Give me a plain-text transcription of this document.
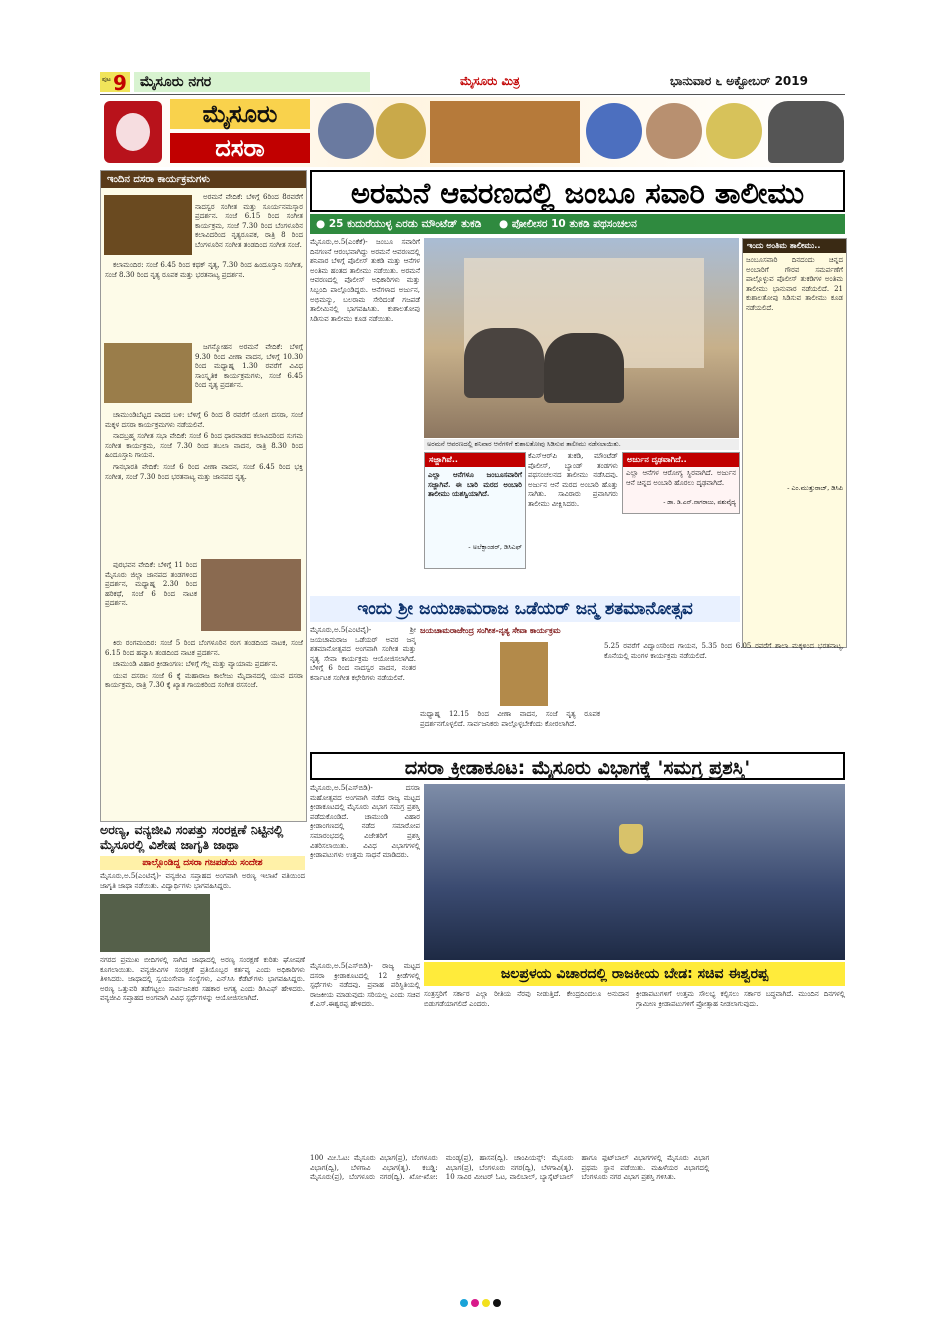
ಪುಟ 9 ಮೈಸೂರು ನಗರ	ಮೈಸೂರು ಮಿತ್ರ	ಭಾನುವಾರ ೬ ಅಕ್ಟೋಬರ್ 2019
ಮೈಸೂರು
ದಸರಾ
ಇಂದಿನ ದಸರಾ ಕಾರ್ಯಕ್ರಮಗಳು

ಅರಮನೆ ವೇದಿಕೆ: ಬೆಳಿಗ್ಗೆ 6ರಿಂದ 8ರವರೆಗೆ ನಾದಸ್ವರ ಸಂಗೀತ ಮತ್ತು ಸೂರ್ಯನಮಸ್ಕಾರ ಪ್ರದರ್ಶನ. ಸಂಜೆ 6.15 ರಿಂದ ಸಂಗೀತ ಕಾರ್ಯಕ್ರಮ, ಸಂಜೆ 7.30 ರಿಂದ ಬೆಂಗಳೂರಿನ ಕಲಾವಿದರಿಂದ ನೃತ್ಯರೂಪಕ, ರಾತ್ರಿ 8 ರಿಂದ ಬೆಂಗಳೂರಿನ ಸಂಗೀತ ತಂಡದಿಂದ ಸಂಗೀತ ಸಂಜೆ.

ಕಲಾಮಂದಿರ: ಸಂಜೆ 6.45 ರಿಂದ ಕಥಕ್ ನೃತ್ಯ, 7.30 ರಿಂದ ಹಿಂದೂಸ್ತಾನಿ ಸಂಗೀತ, ಸಂಜೆ 8.30 ರಿಂದ ನೃತ್ಯ ರೂಪಕ ಮತ್ತು ಭರತನಾಟ್ಯ ಪ್ರದರ್ಶನ.

ಜಗನ್ಮೋಹನ ಅರಮನೆ ವೇದಿಕೆ: ಬೆಳಿಗ್ಗೆ 9.30 ರಿಂದ ವೀಣಾ ವಾದನ, ಬೆಳಿಗ್ಗೆ 10.30 ರಿಂದ ಮಧ್ಯಾಹ್ನ 1.30 ರವರೆಗೆ ವಿವಿಧ ಸಾಂಸ್ಕೃತಿಕ ಕಾರ್ಯಕ್ರಮಗಳು, ಸಂಜೆ 6.45 ರಿಂದ ನೃತ್ಯ ಪ್ರದರ್ಶನ.

ಚಾಮುಂಡಿಬೆಟ್ಟದ ಪಾದದ ಬಳಿ: ಬೆಳಿಗ್ಗೆ 6 ರಿಂದ 8 ರವರೆಗೆ ಯೋಗ ದಸರಾ, ಸಂಜೆ ಮಕ್ಕಳ ದಸರಾ ಕಾರ್ಯಕ್ರಮಗಳು ನಡೆಯಲಿವೆ.

ನಾದಬ್ರಹ್ಮ ಸಂಗೀತ ಸಭಾ ವೇದಿಕೆ: ಸಂಜೆ 6 ರಿಂದ ಧಾರವಾಡದ ಕಲಾವಿದರಿಂದ ಸುಗಮ ಸಂಗೀತ ಕಾರ್ಯಕ್ರಮ, ಸಂಜೆ 7.30 ರಿಂದ ತಬಲಾ ವಾದನ, ರಾತ್ರಿ 8.30 ರಿಂದ ಹಿಂದೂಸ್ತಾನಿ ಗಾಯನ.

ಗಾನಭಾರತಿ ವೇದಿಕೆ: ಸಂಜೆ 6 ರಿಂದ ವೀಣಾ ವಾದನ, ಸಂಜೆ 6.45 ರಿಂದ ಭಕ್ತಿ ಸಂಗೀತ, ಸಂಜೆ 7.30 ರಿಂದ ಭರತನಾಟ್ಯ ಮತ್ತು ಜಾನಪದ ನೃತ್ಯ.

ಪುರಭವನ ವೇದಿಕೆ: ಬೆಳಿಗ್ಗೆ 11 ರಿಂದ ಮೈಸೂರು ಜಿಲ್ಲಾ ಜಾನಪದ ತಂಡಗಳಿಂದ ಪ್ರದರ್ಶನ, ಮಧ್ಯಾಹ್ನ 2.30 ರಿಂದ ಹರಿಕಥೆ, ಸಂಜೆ 6 ರಿಂದ ನಾಟಕ ಪ್ರದರ್ಶನ.

ಕಿರು ರಂಗಮಂದಿರ: ಸಂಜೆ 5 ರಿಂದ ಬೆಂಗಳೂರಿನ ರಂಗ ತಂಡದಿಂದ ನಾಟಕ, ಸಂಜೆ 6.15 ರಿಂದ ಹವ್ಯಾಸಿ ತಂಡದಿಂದ ನಾಟಕ ಪ್ರದರ್ಶನ.

ಚಾಮುಂಡಿ ವಿಹಾರ ಕ್ರೀಡಾಂಗಣ: ಬೆಳಿಗ್ಗೆ ಗೆಲ್ಲ ಮತ್ತು ವ್ಯಾಯಾಮ ಪ್ರದರ್ಶನ.

ಯುವ ದಸರಾ: ಸಂಜೆ 6 ಕ್ಕೆ ಮಹಾರಾಜ ಕಾಲೇಜು ಮೈದಾನದಲ್ಲಿ ಯುವ ದಸರಾ ಕಾರ್ಯಕ್ರಮ, ರಾತ್ರಿ 7.30 ಕ್ಕೆ ಖ್ಯಾತ ಗಾಯಕರಿಂದ ಸಂಗೀತ ರಸಸಂಜೆ.

ಅರಮನೆ ಆವರಣದಲ್ಲಿ ಜಂಬೂ ಸವಾರಿ ತಾಲೀಮು
● 25 ಕುದುರೆಯುಳ್ಳ ಎರಡು ಮೌಂಟೆಡ್ ತುಕಡಿ ● ಪೋಲೀಸರ 10 ತುಕಡಿ ಪಥಸಂಚಲನ
ಮೈಸೂರು,ಅ.5(ಎಂಕೆಕೆ)- ಜಂಬೂ ಸವಾರಿಗೆ ದಿನಗಣನೆ ಆರಂಭವಾಗಿದ್ದು ಅರಮನೆ ಆವರಣದಲ್ಲಿ ಶನಿವಾರ ಬೆಳಿಗ್ಗೆ ಪೊಲೀಸ್ ತುಕಡಿ ಮತ್ತು ಆನೆಗಳ ಅಂತಿಮ ಹಂತದ ತಾಲೀಮು ನಡೆಯಿತು. ಅರಮನೆ ಆವರಣದಲ್ಲಿ ಪೊಲೀಸ್ ಅಧಿಕಾರಿಗಳು ಮತ್ತು ಸಿಬ್ಬಂದಿ ಪಾಲ್ಗೊಂಡಿದ್ದರು. ಆನೆಗಳಾದ ಅರ್ಜುನ, ಅಭಿಮನ್ಯು, ಬಲರಾಮ ಸೇರಿದಂತೆ ಗಜಪಡೆ ತಾಲೀಮಿನಲ್ಲಿ ಭಾಗವಹಿಸಿತು. ಕುಶಾಲತೋಪು ಸಿಡಿಸುವ ತಾಲೀಮು ಕೂಡ ನಡೆಯಿತು.
ಅರಮನೆ ಆವರಣದಲ್ಲಿ ಶನಿವಾರ ಆನೆಗಳಿಗೆ ಕುಶಾಲತೋಪು ಸಿಡಿಸುವ ತಾಲೀಮು ನಡೆಸಲಾಯಿತು.
ಇಂದು ಅಂತಿಮ ತಾಲೀಮು..
ಜಂಬೂಸವಾರಿ ದಿನದಂದು ಚಿನ್ನದ ಅಂಬಾರಿಗೆ ಗೌರವ ಸಮರ್ಪಣೆಗೆ ಪಾಲ್ಗೊಳ್ಳುವ ಪೊಲೀಸ್ ತುಕಡಿಗಳ ಅಂತಿಮ ತಾಲೀಮು ಭಾನುವಾರ ನಡೆಯಲಿದೆ. 21 ಕುಶಾಲತೋಪು ಸಿಡಿಸುವ ತಾಲೀಮು ಕೂಡ ನಡೆಯಲಿದೆ.
- ಎಂ.ಮುತ್ತುರಾಜ್, ಡಿಸಿಪಿ
ಸಜ್ಜಾಗಿವೆ..
ಎಲ್ಲಾ ಆನೆಗಳೂ ಜಂಬೂಸವಾರಿಗೆ ಸಜ್ಜಾಗಿವೆ. ಈ ಬಾರಿ ಮರದ ಅಂಬಾರಿ ತಾಲೀಮು ಯಶಸ್ವಿಯಾಗಿದೆ.
- ಅಲೆಕ್ಸಾಂಡರ್, ಡಿಸಿಎಫ್
ಕೆಎಸ್‌ಆರ್‌ಪಿ ತುಕಡಿ, ಮೌಂಟೆಡ್ ಪೊಲೀಸ್, ಬ್ಯಾಂಡ್ ತಂಡಗಳು ಪಥಸಂಚಲನದ ತಾಲೀಮು ನಡೆಸಿದವು. ಅರ್ಜುನ ಆನೆ ಮರದ ಅಂಬಾರಿ ಹೊತ್ತು ಸಾಗಿತು. ಸಾವಿರಾರು ಪ್ರವಾಸಿಗರು ತಾಲೀಮು ವೀಕ್ಷಿಸಿದರು.
ಅರ್ಜುನ ದೃಢವಾಗಿದೆ..
ಎಲ್ಲಾ ಆನೆಗಳ ಆರೋಗ್ಯ ಸ್ಥಿರವಾಗಿದೆ. ಅರ್ಜುನ ಆನೆ ಚಿನ್ನದ ಅಂಬಾರಿ ಹೊರಲು ದೃಢವಾಗಿದೆ.
- ಡಾ. ಡಿ.ಎನ್.ನಾಗರಾಜು, ಪಶುವೈದ್ಯ
ಇಂದು ಶ್ರೀ ಜಯಚಾಮರಾಜ ಒಡೆಯರ್ ಜನ್ಮ ಶತಮಾನೋತ್ಸವ
ಜಯಚಾಮರಾಜೇಂದ್ರ ಸಂಗೀತ-ನೃತ್ಯ ಸೇವಾ ಕಾರ್ಯಕ್ರಮ
ಮೈಸೂರು,ಅ.5(ಎಂಟಿವೈ)- ಶ್ರೀ ಜಯಚಾಮರಾಜ ಒಡೆಯರ್ ಅವರ ಜನ್ಮ ಶತಮಾನೋತ್ಸವದ ಅಂಗವಾಗಿ ಸಂಗೀತ ಮತ್ತು ನೃತ್ಯ ಸೇವಾ ಕಾರ್ಯಕ್ರಮ ಆಯೋಜಿಸಲಾಗಿದೆ. ಬೆಳಿಗ್ಗೆ 6 ರಿಂದ ನಾದಸ್ವರ ವಾದನ, ನಂತರ ಕರ್ನಾಟಕ ಸಂಗೀತ ಕಛೇರಿಗಳು ನಡೆಯಲಿವೆ.
ಮಧ್ಯಾಹ್ನ 12.15 ರಿಂದ ವೀಣಾ ವಾದನ, ಸಂಜೆ ನೃತ್ಯ ರೂಪಕ ಪ್ರದರ್ಶನಗೊಳ್ಳಲಿದೆ. ಸಾರ್ವಜನಿಕರು ಪಾಲ್ಗೊಳ್ಳಬೇಕೆಂದು ಕೋರಲಾಗಿದೆ.
5.25 ರವರೆಗೆ ವಿದ್ವಾಂಸರಿಂದ ಗಾಯನ, 5.35 ರಿಂದ 6.05 ರವರೆಗೆ ಶಾಲಾ ಮಕ್ಕಳಿಂದ ಭರತನಾಟ್ಯ, ಕೊನೆಯಲ್ಲಿ ಮಂಗಳ ಕಾರ್ಯಕ್ರಮ ನಡೆಯಲಿದೆ.
ದಸರಾ ಕ್ರೀಡಾಕೂಟ: ಮೈಸೂರು ವಿಭಾಗಕ್ಕೆ 'ಸಮಗ್ರ ಪ್ರಶಸ್ತಿ'
ಮೈಸೂರು,ಅ.5(ಎಸ್‌ಬಿಡಿ)- ದಸರಾ ಮಹೋತ್ಸವದ ಅಂಗವಾಗಿ ನಡೆದ ರಾಜ್ಯ ಮಟ್ಟದ ಕ್ರೀಡಾಕೂಟದಲ್ಲಿ ಮೈಸೂರು ವಿಭಾಗ ಸಮಗ್ರ ಪ್ರಶಸ್ತಿ ಪಡೆದುಕೊಂಡಿದೆ. ಚಾಮುಂಡಿ ವಿಹಾರ ಕ್ರೀಡಾಂಗಣದಲ್ಲಿ ನಡೆದ ಸಮಾರೋಪ ಸಮಾರಂಭದಲ್ಲಿ ವಿಜೇತರಿಗೆ ಪ್ರಶಸ್ತಿ ವಿತರಿಸಲಾಯಿತು. ವಿವಿಧ ವಿಭಾಗಗಳಲ್ಲಿ ಕ್ರೀಡಾಪಟುಗಳು ಉತ್ತಮ ಸಾಧನೆ ಮಾಡಿದರು.
ಜಲಪ್ರಳಯ ವಿಚಾರದಲ್ಲಿ ರಾಜಕೀಯ ಬೇಡ: ಸಚಿವ ಈಶ್ವರಪ್ಪ
ಮೈಸೂರು,ಅ.5(ಎಸ್‌ಬಿಡಿ)- ರಾಜ್ಯ ಮಟ್ಟದ ದಸರಾ ಕ್ರೀಡಾಕೂಟದಲ್ಲಿ 12 ಕ್ರೀಡೆಗಳಲ್ಲಿ ಸ್ಪರ್ಧೆಗಳು ನಡೆದವು. ಪ್ರವಾಹ ಪರಿಸ್ಥಿತಿಯಲ್ಲಿ ರಾಜಕೀಯ ಮಾಡುವುದು ಸರಿಯಲ್ಲ ಎಂದು ಸಚಿವ ಕೆ.ಎಸ್.ಈಶ್ವರಪ್ಪ ಹೇಳಿದರು.
ಸಂತ್ರಸ್ತರಿಗೆ ಸರ್ಕಾರ ಎಲ್ಲಾ ರೀತಿಯ ನೆರವು ನೀಡುತ್ತಿದೆ. ಕೇಂದ್ರದಿಂದಲೂ ಅನುದಾನ ಬಿಡುಗಡೆಯಾಗಲಿದೆ ಎಂದರು.
ಕ್ರೀಡಾಪಟುಗಳಿಗೆ ಉತ್ತಮ ಸೌಲಭ್ಯ ಕಲ್ಪಿಸಲು ಸರ್ಕಾರ ಬದ್ಧವಾಗಿದೆ. ಮುಂದಿನ ದಿನಗಳಲ್ಲಿ ಗ್ರಾಮೀಣ ಕ್ರೀಡಾಪಟುಗಳಿಗೆ ಪ್ರೋತ್ಸಾಹ ನೀಡಲಾಗುವುದು.
ಅರಣ್ಯ, ವನ್ಯಜೀವಿ ಸಂಪತ್ತು ಸಂರಕ್ಷಣೆ ನಿಟ್ಟಿನಲ್ಲಿ ಮೈಸೂರಲ್ಲಿ ವಿಶೇಷ ಜಾಗೃತಿ ಜಾಥಾ
ಪಾಲ್ಗೊಂಡಿದ್ದ ದಸರಾ ಗಜಪಡೆಯ ಸಂದೇಶ
ಮೈಸೂರು,ಅ.5(ಎಂಟಿವೈ)- ವನ್ಯಜೀವಿ ಸಪ್ತಾಹದ ಅಂಗವಾಗಿ ಅರಣ್ಯ ಇಲಾಖೆ ವತಿಯಿಂದ ಜಾಗೃತಿ ಜಾಥಾ ನಡೆಯಿತು. ವಿದ್ಯಾರ್ಥಿಗಳು ಭಾಗವಹಿಸಿದ್ದರು.
ನಗರದ ಪ್ರಮುಖ ಬೀದಿಗಳಲ್ಲಿ ಸಾಗಿದ ಜಾಥಾದಲ್ಲಿ ಅರಣ್ಯ ಸಂರಕ್ಷಣೆ ಕುರಿತು ಘೋಷಣೆ ಕೂಗಲಾಯಿತು. ವನ್ಯಜೀವಿಗಳ ಸಂರಕ್ಷಣೆ ಪ್ರತಿಯೊಬ್ಬರ ಕರ್ತವ್ಯ ಎಂದು ಅಧಿಕಾರಿಗಳು ತಿಳಿಸಿದರು. ಜಾಥಾದಲ್ಲಿ ಸ್ವಯಂಸೇವಾ ಸಂಸ್ಥೆಗಳು, ಎನ್‌ಸಿಸಿ ಕೆಡೆಟ್‌ಗಳು ಭಾಗವಹಿಸಿದ್ದರು. ಅರಣ್ಯ ಒತ್ತುವರಿ ತಡೆಗಟ್ಟಲು ಸಾರ್ವಜನಿಕರ ಸಹಕಾರ ಅಗತ್ಯ ಎಂದು ಡಿಸಿಎಫ್ ಹೇಳಿದರು. ವನ್ಯಜೀವಿ ಸಪ್ತಾಹದ ಅಂಗವಾಗಿ ವಿವಿಧ ಸ್ಪರ್ಧೆಗಳನ್ನು ಆಯೋಜಿಸಲಾಗಿದೆ.
100 ಮೀ.ಓಟ: ಮೈಸೂರು ವಿಭಾಗ(ಪ್ರ), ಬೆಂಗಳೂರು ವಿಭಾಗ(ದ್ವಿ), ಬೆಳಗಾವಿ ವಿಭಾಗ(ತೃ). ಕಬಡ್ಡಿ: ಮೈಸೂರು(ಪ್ರ), ಬೆಂಗಳೂರು ನಗರ(ದ್ವಿ). ಖೋ-ಖೋ: ಮಂಡ್ಯ(ಪ್ರ), ಹಾಸನ(ದ್ವಿ). ಚಾಂಪಿಯನ್ಸ್: ಮೈಸೂರು ವಿಭಾಗ(ಪ್ರ), ಬೆಂಗಳೂರು ನಗರ(ದ್ವಿ), ಬೆಳಗಾವಿ(ತೃ). 10 ಸಾವಿರ ಮೀಟರ್ ಓಟ, ವಾಲಿಬಾಲ್, ಬ್ಯಾಸ್ಕೆಟ್‌ಬಾಲ್ ಹಾಗೂ ಫುಟ್‌ಬಾಲ್ ವಿಭಾಗಗಳಲ್ಲಿ ಮೈಸೂರು ವಿಭಾಗ ಪ್ರಥಮ ಸ್ಥಾನ ಪಡೆಯಿತು. ಮಹಿಳೆಯರ ವಿಭಾಗದಲ್ಲಿ ಬೆಂಗಳೂರು ನಗರ ವಿಭಾಗ ಪ್ರಶಸ್ತಿ ಗಳಿಸಿತು.
